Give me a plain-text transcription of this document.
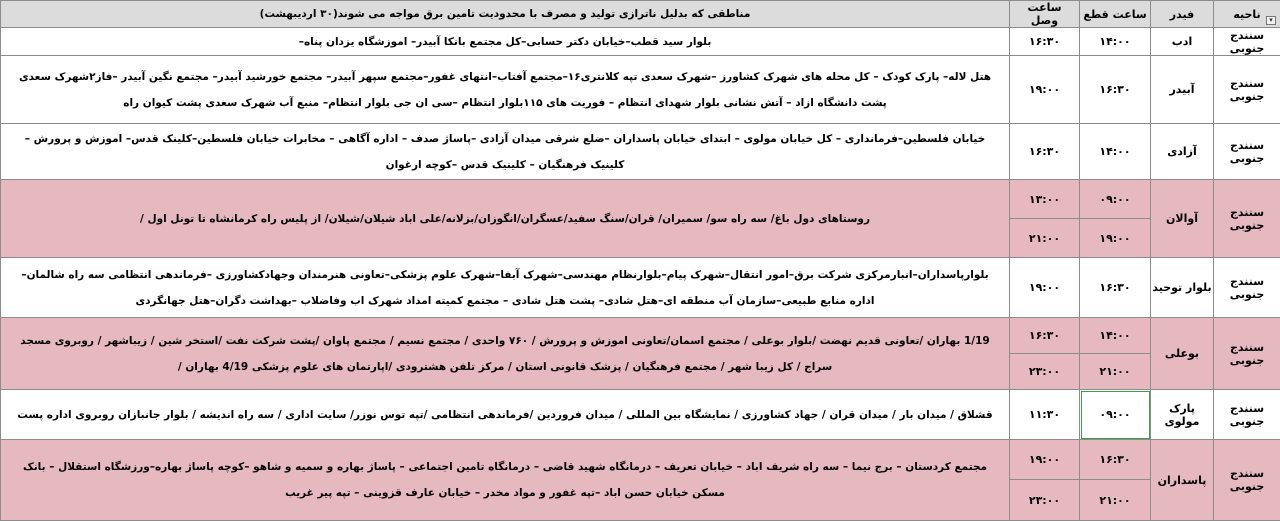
ناحیه ▾	فیدر	ساعت قطع	ساعت وصل	مناطقی که بدلیل ناترازی تولید و مصرف با محدودیت تامین برق مواجه می شوند(۳۰ اردیبهشت)
سنندج جنوبی	ادب	۱۴:۰۰	۱۶:۳۰	بلوار سید قطب–خیابان دکتر حسابی–کل مجتمع بانکا آبیدر– اموزشگاه یزدان پناه–
سنندج جنوبی	آبیدر	۱۶:۳۰	۱۹:۰۰	هتل لاله– پارک کودک – کل محله های شهرک کشاورز –شهرک سعدی تپه کلانتری۱۶–مجتمع آفتاب–انتهای غفور–مجتمع سپهر آبیدر– مجتمع خورشید آبیدر– مجتمع نگین آبیدر –فاز۲شهرک سعدی پشت دانشگاه ازاد – آتش نشانی بلوار شهدای انتظام – فوریت های ۱۱۵بلوار انتظام –سی ان جی بلوار انتظام– منبع آب شهرک سعدی پشت کیوان راه
سنندج جنوبی	آزادی	۱۴:۰۰	۱۶:۳۰	خیابان فلسطین–فرمانداری – کل خیابان مولوی – ابتدای خیابان پاسداران –ضلع شرقی میدان آزادی –پاساژ صدف – اداره آگاهی – مخابرات خیابان فلسطین–کلینک قدس– اموزش و پرورش – کلینیک فرهنگیان – کلینیک قدس –کوچه ارغوان
سنندج جنوبی	آوالان	۰۹:۰۰	۱۳:۰۰	روستاهای دول باغ/ سه راه سو/ سمیران/ قران/سنگ سفید/عسگران/انگوزان/بزلانه/علی اباد شیلان/شیلان/ از پلیس راه کرمانشاه تا تونل اول /
		۱۹:۰۰	۲۱:۰۰	
سنندج جنوبی	بلوار توحید	۱۶:۳۰	۱۹:۰۰	بلوارپاسداران–انبارمرکزی شرکت برق–امور انتقال–شهرک پیام–بلوارنظام مهندسی–شهرک آبفا–شهرک علوم پزشکی–تعاونی هنرمندان وجهادکشاورزی –فرماندهی انتظامی سه راه شالمان–اداره منابع طبیعی–سازمان آب منطقه ای–هتل شادی– پشت هتل شادی – مجتمع کمیته امداد شهرک اب وفاضلاب –بهداشت دگران–هتل جهانگردی
سنندج جنوبی	بوعلی	۱۴:۰۰	۱۶:۳۰	1/19 بهاران /تعاونی قدیم نهضت /بلوار بوعلی / مجتمع اسمان/تعاونی اموزش و پرورش / ۷۶۰ واحدی / مجتمع نسیم / مجتمع پاوان /پشت شرکت نفت /استخر شین / زیباشهر / روبروی مسجد سراج / کل زیبا شهر / مجتمع فرهنگیان / پزشک قانونی استان / مرکز تلفن هشترودی /اپارتمان های علوم پزشکی 4/19 بهاران /
		۲۱:۰۰	۲۳:۰۰	
سنندج جنوبی	پارک مولوی	۰۹:۰۰	۱۱:۳۰	قشلاق / میدان بار / میدان قران / جهاد کشاورزی / نمایشگاه بین المللی / میدان فروردین /فرماندهی انتظامی /تپه توس نوزر/ سایت اداری / سه راه اندیشه / بلوار جانبازان روبروی اداره پست
سنندج جنوبی	پاسداران	۱۶:۳۰	۱۹:۰۰	مجتمع کردستان – برج نیما – سه راه شریف اباد – خیابان تعریف – درمانگاه شهید قاضی – درمانگاه تامین اجتماعی – پاساژ بهاره و سمیه و شاهو –کوچه پاساژ بهاره–ورزشگاه استقلال – بانک مسکن خیابان حسن اباد –تپه غفور و مواد مخدر – خیابان عارف قزوینی – تپه پیر غریب
		۲۱:۰۰	۲۳:۰۰	
